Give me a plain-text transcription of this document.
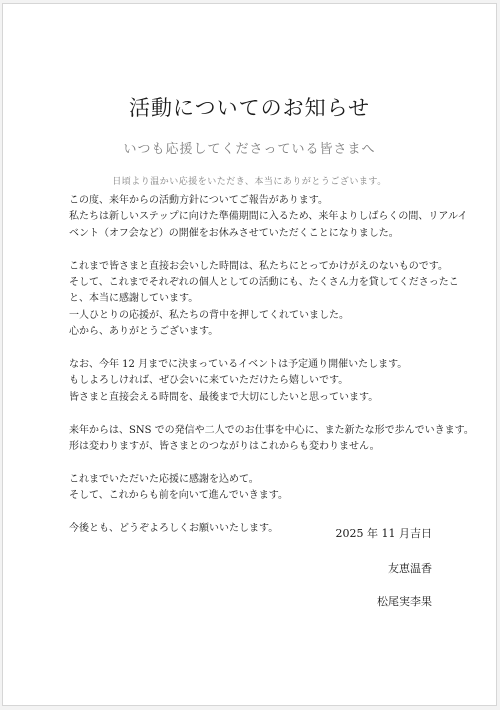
活動についてのお知らせ
いつも応援してくださっている皆さまへ
日頃より温かい応援をいただき、本当にありがとうございます。

この度、来年からの活動方針についてご報告があります。
私たちは新しいステップに向けた準備期間に入るため、来年よりしばらくの間、リアルイ
ベント（オフ会など）の開催をお休みさせていただくことになりました。

これまで皆さまと直接お会いした時間は、私たちにとってかけがえのないものです。
そして、これまでそれぞれの個人としての活動にも、たくさん力を貸してくださったこ
と、本当に感謝しています。
一人ひとりの応援が、私たちの背中を押してくれていました。
心から、ありがとうございます。

なお、今年 12 月までに決まっているイベントは予定通り開催いたします。
もしよろしければ、ぜひ会いに来ていただけたら嬉しいです。
皆さまと直接会える時間を、最後まで大切にしたいと思っています。

来年からは、SNS での発信や二人でのお仕事を中心に、また新たな形で歩んでいきます。
形は変わりますが、皆さまとのつながりはこれからも変わりません。

これまでいただいた応援に感謝を込めて。
そして、これからも前を向いて進んでいきます。

今後とも、どうぞよろしくお願いいたします。	2025 年 11 月吉日
友恵温香
松尾実李果
